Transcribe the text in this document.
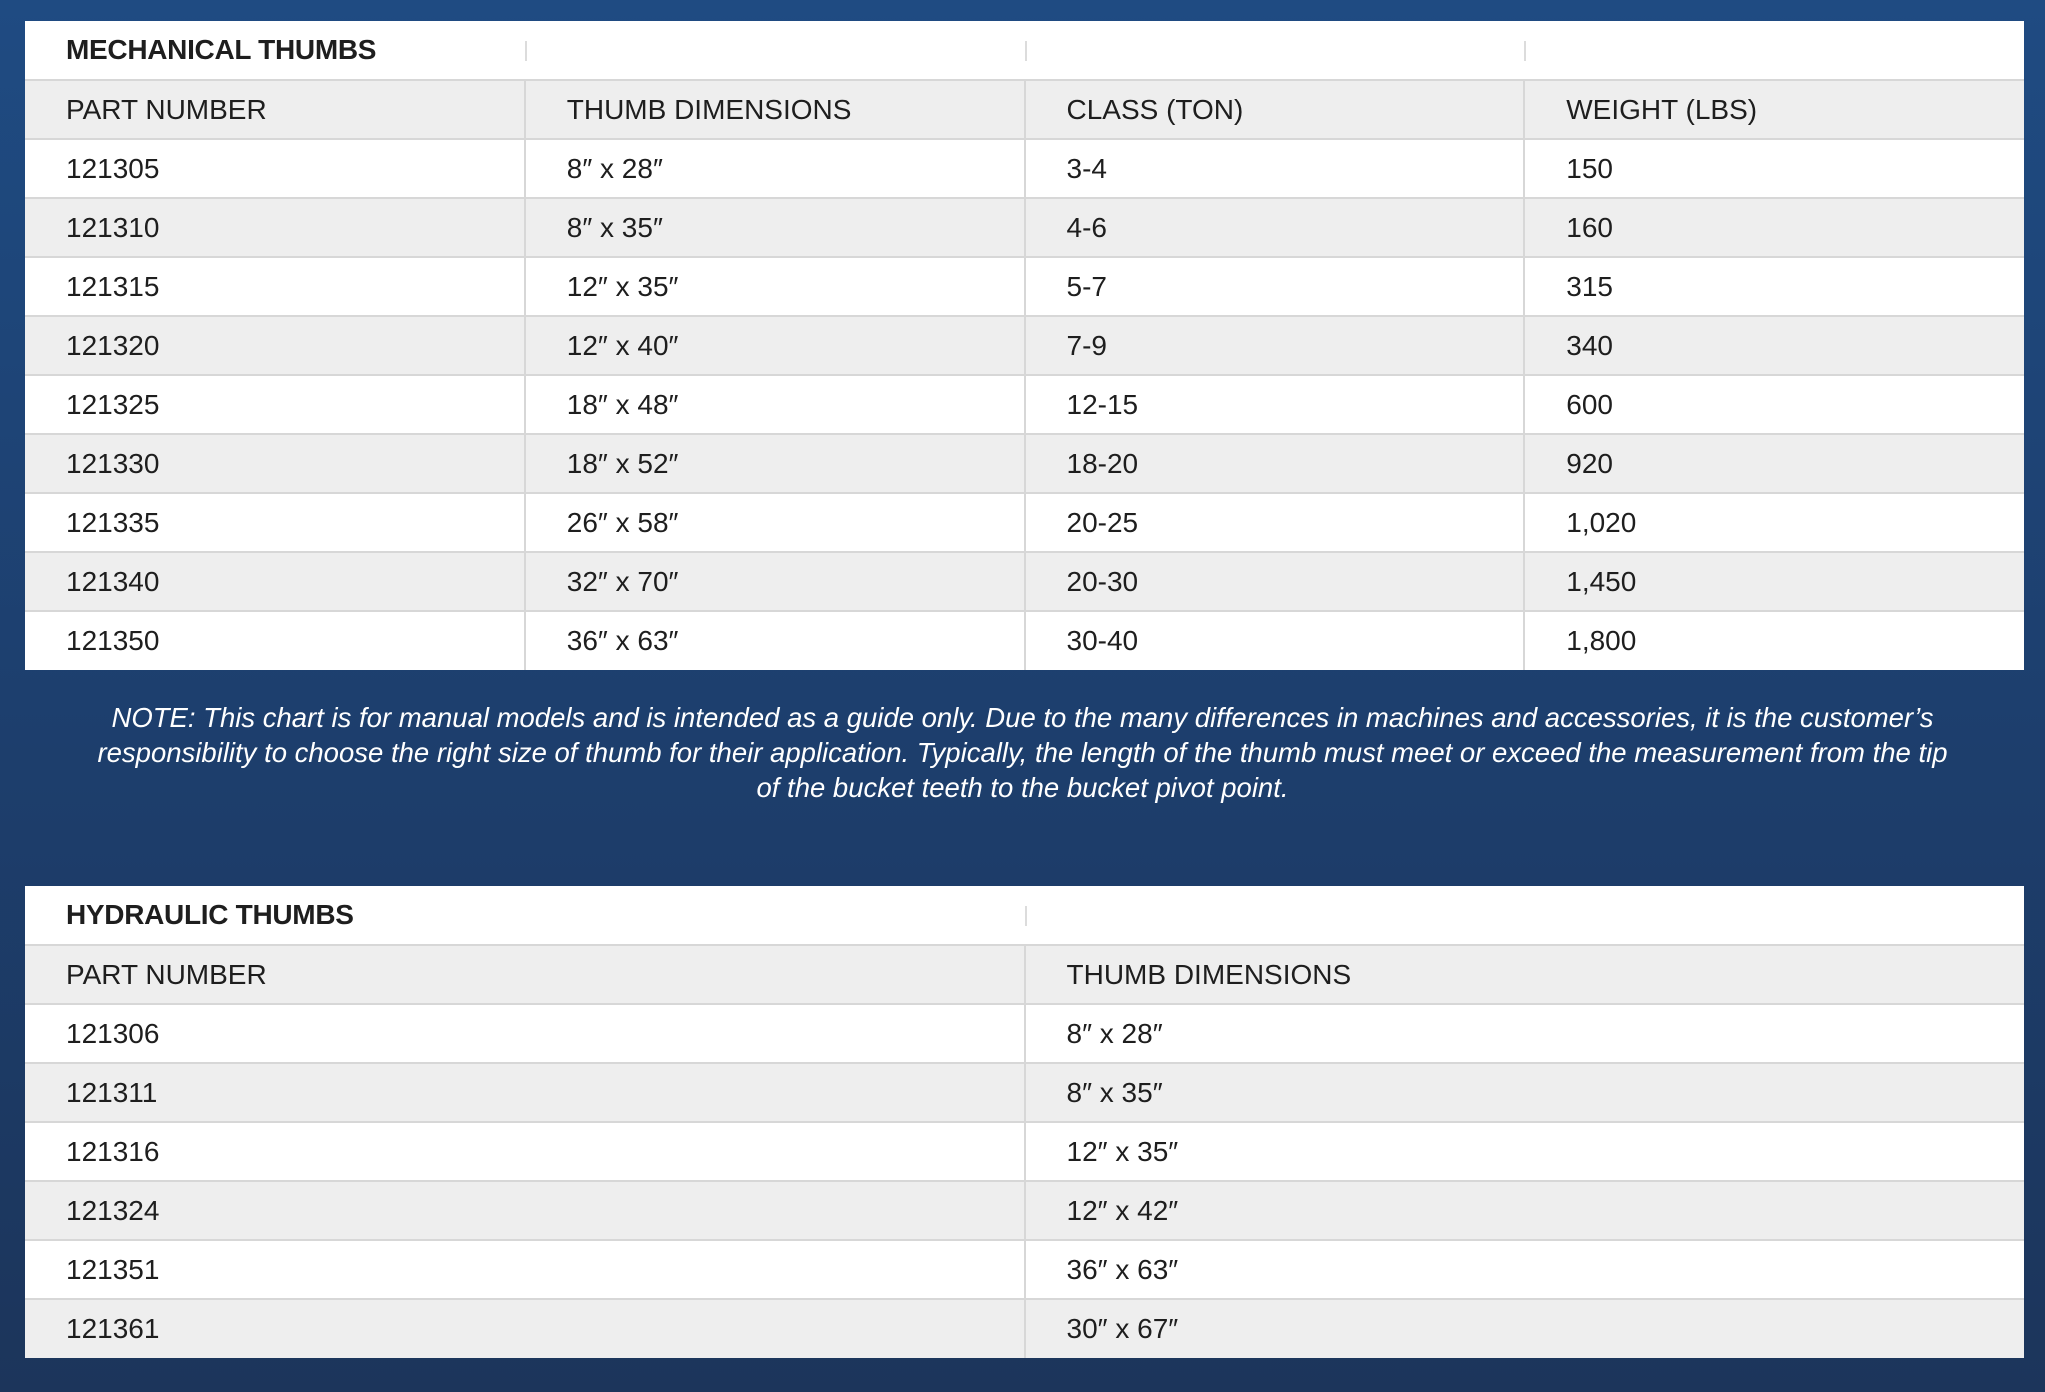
MECHANICAL THUMBS			
PART NUMBER	THUMB DIMENSIONS	CLASS (TON)	WEIGHT (LBS)
121305	8″ x 28″	3-4	150
121310	8″ x 35″	4-6	160
121315	12″ x 35″	5-7	315
121320	12″ x 40″	7-9	340
121325	18″ x 48″	12-15	600
121330	18″ x 52″	18-20	920
121335	26″ x 58″	20-25	1,020
121340	32″ x 70″	20-30	1,450
121350	36″ x 63″	30-40	1,800
NOTE: This chart is for manual models and is intended as a guide only. Due to the many differences in machines and accessories, it is the customer’s responsibility to choose the right size of thumb for their application. Typically, the length of the thumb must meet or exceed the measurement from the tip of the bucket teeth to the bucket pivot point.
HYDRAULIC THUMBS	
PART NUMBER	THUMB DIMENSIONS
121306	8″ x 28″
121311	8″ x 35″
121316	12″ x 35″
121324	12″ x 42″
121351	36″ x 63″
121361	30″ x 67″
